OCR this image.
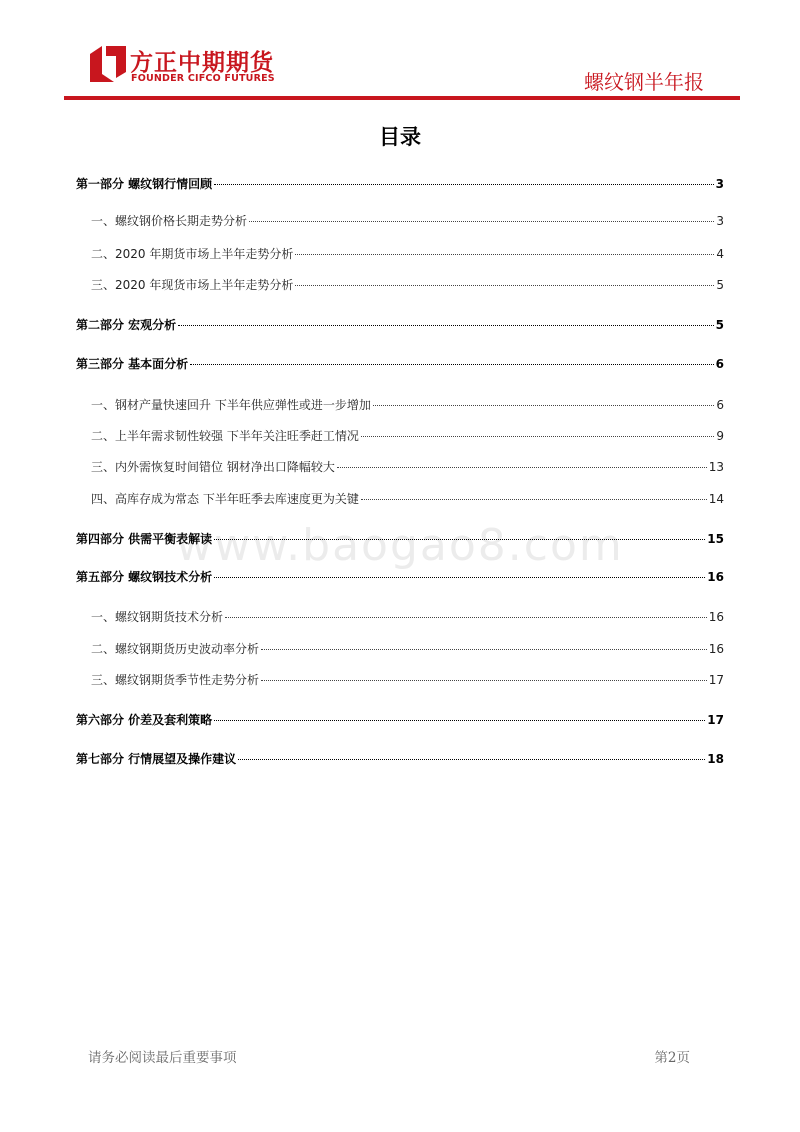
方正中期期货
FOUNDER CIFCO FUTURES	螺纹钢半年报
www.baogao8.com
目录
第一部分 螺纹钢行情回顾	3
一、螺纹钢价格长期走势分析	3
二、2020 年期货市场上半年走势分析	4
三、2020 年现货市场上半年走势分析	5
第二部分 宏观分析	5
第三部分 基本面分析	6
一、钢材产量快速回升 下半年供应弹性或进一步增加	6
二、上半年需求韧性较强 下半年关注旺季赶工情况	9
三、内外需恢复时间错位 钢材净出口降幅较大	13
四、高库存成为常态 下半年旺季去库速度更为关键	14
第四部分 供需平衡表解读	15
第五部分 螺纹钢技术分析	16
一、螺纹钢期货技术分析	16
二、螺纹钢期货历史波动率分析	16
三、螺纹钢期货季节性走势分析	17
第六部分 价差及套利策略	17
第七部分 行情展望及操作建议	18
请务必阅读最后重要事项	第2页
